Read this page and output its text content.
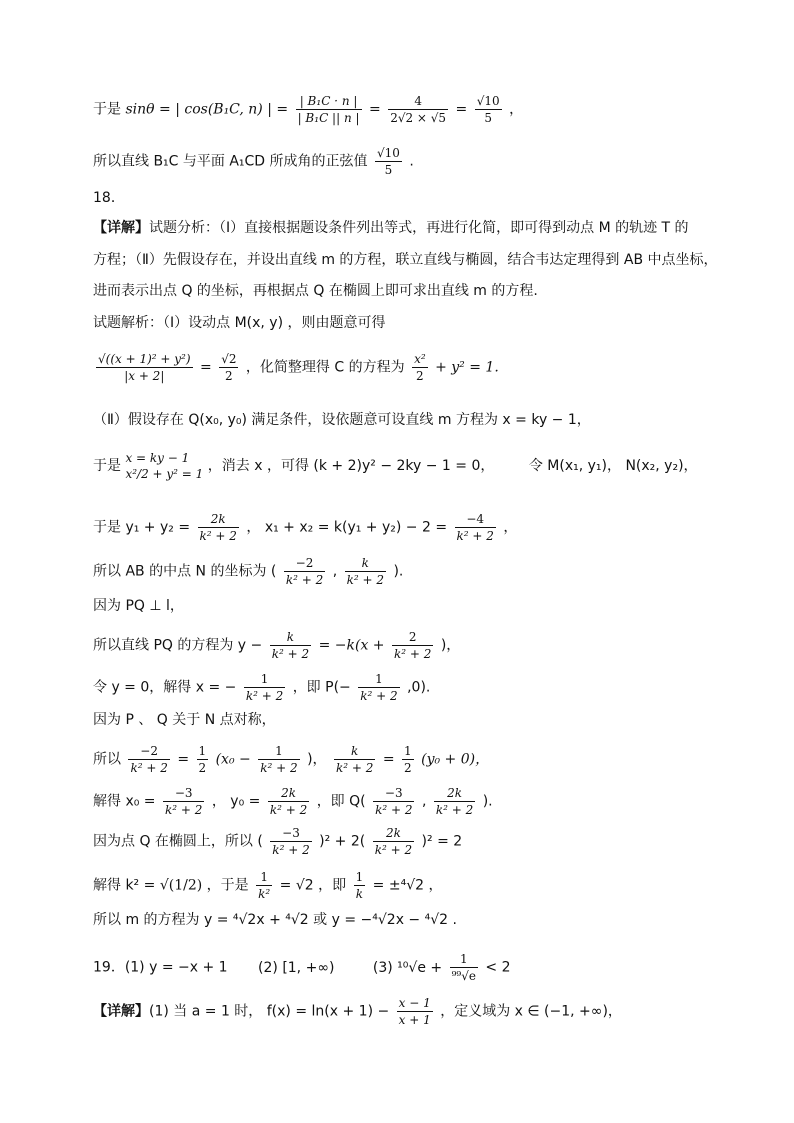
于是 sinθ = | cos(B₁C, n) | = $\frac{\text{| B₁C · n |}}{\text{| B₁C || n |}} = \frac{4}{2√2 \times √5} = \frac{√10}{5}$ ，
所以直线 B₁C 与平面 A₁CD 所成角的正弦值 $\frac{√10}{5}$ .
18．
【详解】试题分析：（Ⅰ）直接根据题设条件列出等式，再进行化简，即可得到动点 M 的轨迹 T 的
方程；（Ⅱ）先假设存在，并设出直线 m 的方程，联立直线与椭圆，结合韦达定理得到 AB 中点坐标，
进而表示出点 Q 的坐标，再根据点 Q 在椭圆上即可求出直线 m 的方程.
试题解析：（Ⅰ）设动点 M(x, y) ，则由题意可得
$\frac{\text{√((x + 1)² + y²)}}{|x + 2|} = \frac{√2}{2}$ ，化简整理得 C 的方程为 $\frac{\text{x²}}{2} + y^2 = 1$.
（Ⅱ）假设存在 Q(x₀, y₀) 满足条件，设依题意可设直线 m 方程为 x = ky − 1，
于是 x = ky − 1
x²/2 + y² = 1 ，消去 x ，可得 (k + 2)y² − 2ky − 1 = 0， 令 M(x₁, y₁)， N(x₂, y₂)，
于是 $y_1 + y_2 = \frac{2k}{\text{k² + 2}}$ ， $x_1 + x_2 = k(y_1 + y_2) - 2 = \frac{-4}{\text{k² + 2}}$ ，
所以 AB 的中点 N 的坐标为 ( $\frac{-2}{\text{k² + 2}}$ , $\frac{k}{\text{k² + 2}}$ ).
因为 PQ ⊥ l，
所以直线 PQ 的方程为 $y - \frac{k}{\text{k² + 2}} = -k(x + \frac{2}{\text{k² + 2}}$ )，
令 y = 0，解得 x = − $\frac{1}{\text{k² + 2}}$ ，即 $P(- \frac{1}{\text{k² + 2}} ,0)$.
因为 P 、 Q 关于 N 点对称，
所以 $\frac{-2}{\text{k² + 2}} = \frac{1}{2} (x_0 - \frac{1}{\text{k² + 2}}$ )， $\frac{k}{\text{k² + 2}} = \frac{1}{2} (y_0 + 0)$，
解得 $x_0 = \frac{-3}{\text{k² + 2}}$ ， $y_0 = \frac{2k}{\text{k² + 2}}$ ，即 $Q( \frac{-3}{\text{k² + 2}}$ , $\frac{2k}{\text{k² + 2}}$ ).
因为点 Q 在椭圆上，所以 ( $\frac{-3}{\text{k² + 2}} )^2 + 2( \frac{2k}{\text{k² + 2}} )^2 = 2$
解得 k² = √(1/2) ，于是 $\frac{1}{\text{k²}} = √2$ ，即 $\frac{1}{k} = \pm^4√2$ ，
所以 m 的方程为 y = ⁴√2x + ⁴√2 或 y = −⁴√2x − ⁴√2 .
19．(1) y = −x + 1 (2) [1, +∞)	(3) $^{10}√e + \frac{1}{\text{⁹⁹√e}} < 2$
【详解】(1) 当 a = 1 时， $f(x) = \ln(x + 1) - \frac{x - 1}{x + 1}$ ，定义域为 x ∈ (−1, +∞)，
